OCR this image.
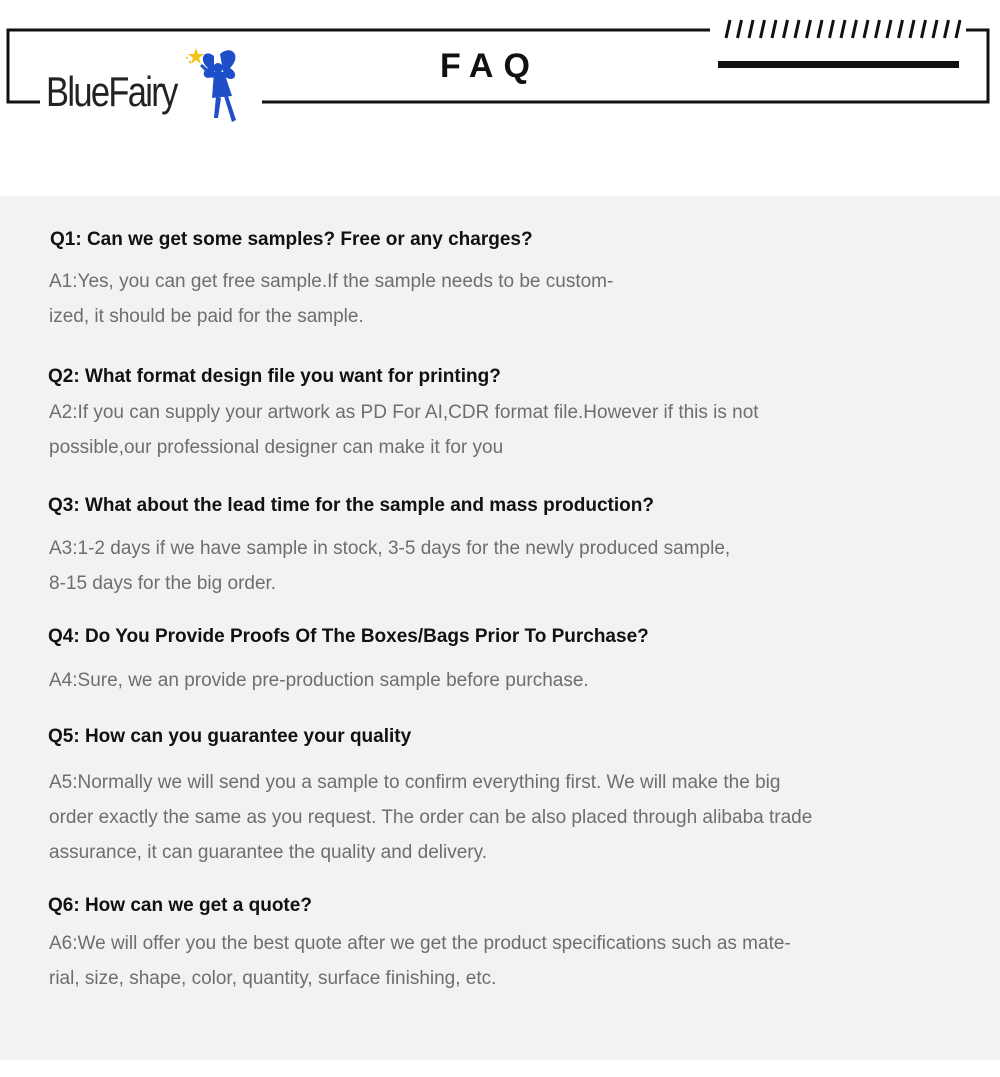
BlueFairy
FAQ
Q1: Can we get some samples? Free or any charges?
A1:Yes, you can get free sample.If the sample needs to be custom-
ized, it should be paid for the sample.
Q2: What format design file you want for printing?
A2:If you can supply your artwork as PD For AI,CDR format file.However if this is not
possible,our professional designer can make it for you
Q3: What about the lead time for the sample and mass production?
A3:1-2 days if we have sample in stock, 3-5 days for the newly produced sample,
8-15 days for the big order.
Q4: Do You Provide Proofs Of The Boxes/Bags Prior To Purchase?
A4:Sure, we an provide pre-production sample before purchase.
Q5: How can you guarantee your quality
A5:Normally we will send you a sample to confirm everything first. We will make the big
order exactly the same as you request. The order can be also placed through alibaba trade
assurance, it can guarantee the quality and delivery.
Q6: How can we get a quote?
A6:We will offer you the best quote after we get the product specifications such as mate-
rial, size, shape, color, quantity, surface finishing, etc.
